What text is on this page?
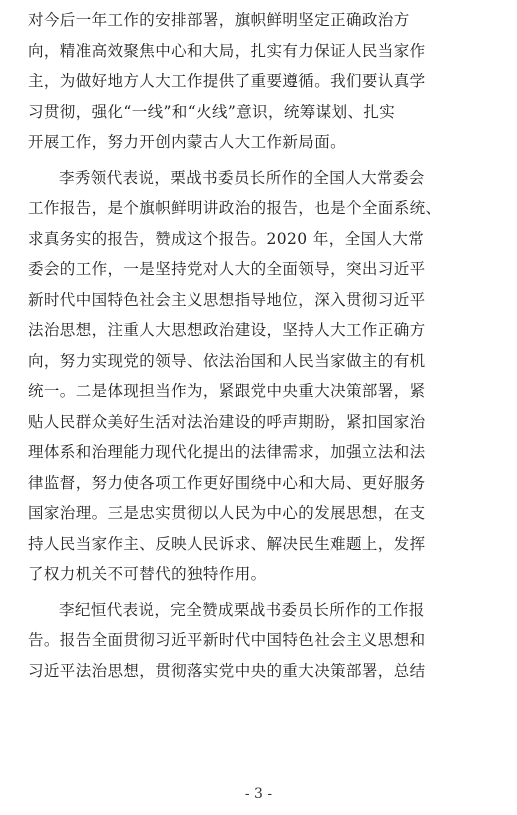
对今后一年工作的安排部署，旗帜鲜明坚定正确政治方
向，精准高效聚焦中心和大局，扎实有力保证人民当家作
主，为做好地方人大工作提供了重要遵循。我们要认真学
习贯彻，强化“一线”和“火线”意识，统筹谋划、扎实
开展工作，努力开创内蒙古人大工作新局面。
李秀领代表说，栗战书委员长所作的全国人大常委会
工作报告，是个旗帜鲜明讲政治的报告，也是个全面系统、
求真务实的报告，赞成这个报告。2020 年，全国人大常
委会的工作，一是坚持党对人大的全面领导，突出习近平
新时代中国特色社会主义思想指导地位，深入贯彻习近平
法治思想，注重人大思想政治建设，坚持人大工作正确方
向，努力实现党的领导、依法治国和人民当家做主的有机
统一。二是体现担当作为，紧跟党中央重大决策部署，紧
贴人民群众美好生活对法治建设的呼声期盼，紧扣国家治
理体系和治理能力现代化提出的法律需求，加强立法和法
律监督，努力使各项工作更好围绕中心和大局、更好服务
国家治理。三是忠实贯彻以人民为中心的发展思想，在支
持人民当家作主、反映人民诉求、解决民生难题上，发挥
了权力机关不可替代的独特作用。
李纪恒代表说，完全赞成栗战书委员长所作的工作报
告。报告全面贯彻习近平新时代中国特色社会主义思想和
习近平法治思想，贯彻落实党中央的重大决策部署，总结
- 3 -
